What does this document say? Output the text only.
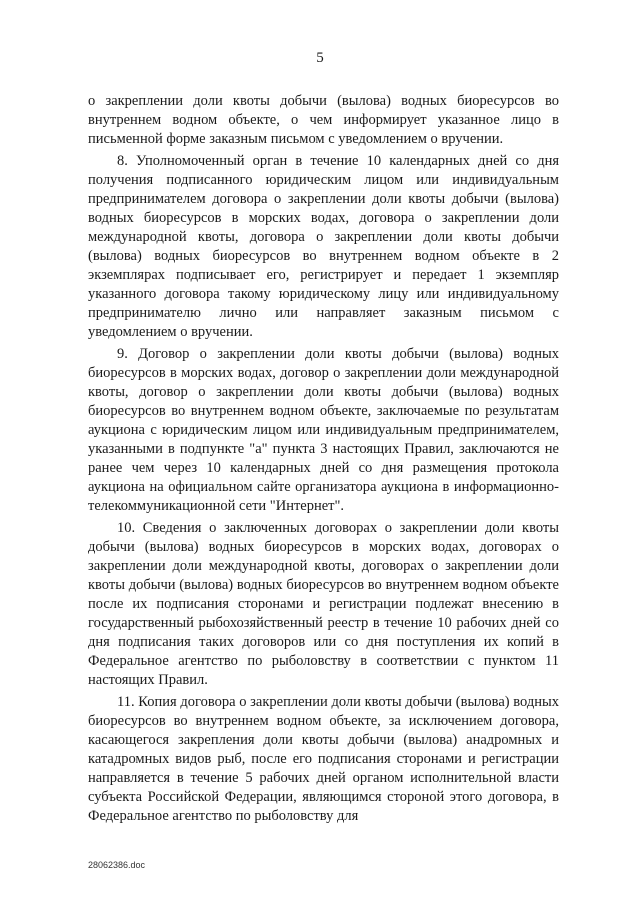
5

о закреплении доли квоты добычи (вылова) водных биоресурсов во внутреннем водном объекте, о чем информирует указанное лицо в письменной форме заказным письмом с уведомлением о вручении.

8. Уполномоченный орган в течение 10 календарных дней со дня получения подписанного юридическим лицом или индивидуальным предпринимателем договора о закреплении доли квоты добычи (вылова) водных биоресурсов в морских водах, договора о закреплении доли международной квоты, договора о закреплении доли квоты добычи (вылова) водных биоресурсов во внутреннем водном объекте в 2 экземплярах подписывает его, регистрирует и передает 1 экземпляр указанного договора такому юридическому лицу или индивидуальному предпринимателю лично или направляет заказным письмом с уведомлением о вручении.

9. Договор о закреплении доли квоты добычи (вылова) водных биоресурсов в морских водах, договор о закреплении доли международной квоты, договор о закреплении доли квоты добычи (вылова) водных биоресурсов во внутреннем водном объекте, заключаемые по результатам аукциона с юридическим лицом или индивидуальным предпринимателем, указанными в подпункте "а" пункта 3 настоящих Правил, заключаются не ранее чем через 10 календарных дней со дня размещения протокола аукциона на официальном сайте организатора аукциона в информационно-телекоммуникационной сети "Интернет".

10. Сведения о заключенных договорах о закреплении доли квоты добычи (вылова) водных биоресурсов в морских водах, договорах о закреплении доли международной квоты, договорах о закреплении доли квоты добычи (вылова) водных биоресурсов во внутреннем водном объекте после их подписания сторонами и регистрации подлежат внесению в государственный рыбохозяйственный реестр в течение 10 рабочих дней со дня подписания таких договоров или со дня поступления их копий в Федеральное агентство по рыболовству в соответствии с пунктом 11 настоящих Правил.

11. Копия договора о закреплении доли квоты добычи (вылова) водных биоресурсов во внутреннем водном объекте, за исключением договора, касающегося закрепления доли квоты добычи (вылова) анадромных и катадромных видов рыб, после его подписания сторонами и регистрации направляется в течение 5 рабочих дней органом исполнительной власти субъекта Российской Федерации, являющимся стороной этого договора, в Федеральное агентство по рыболовству для

28062386.doc
